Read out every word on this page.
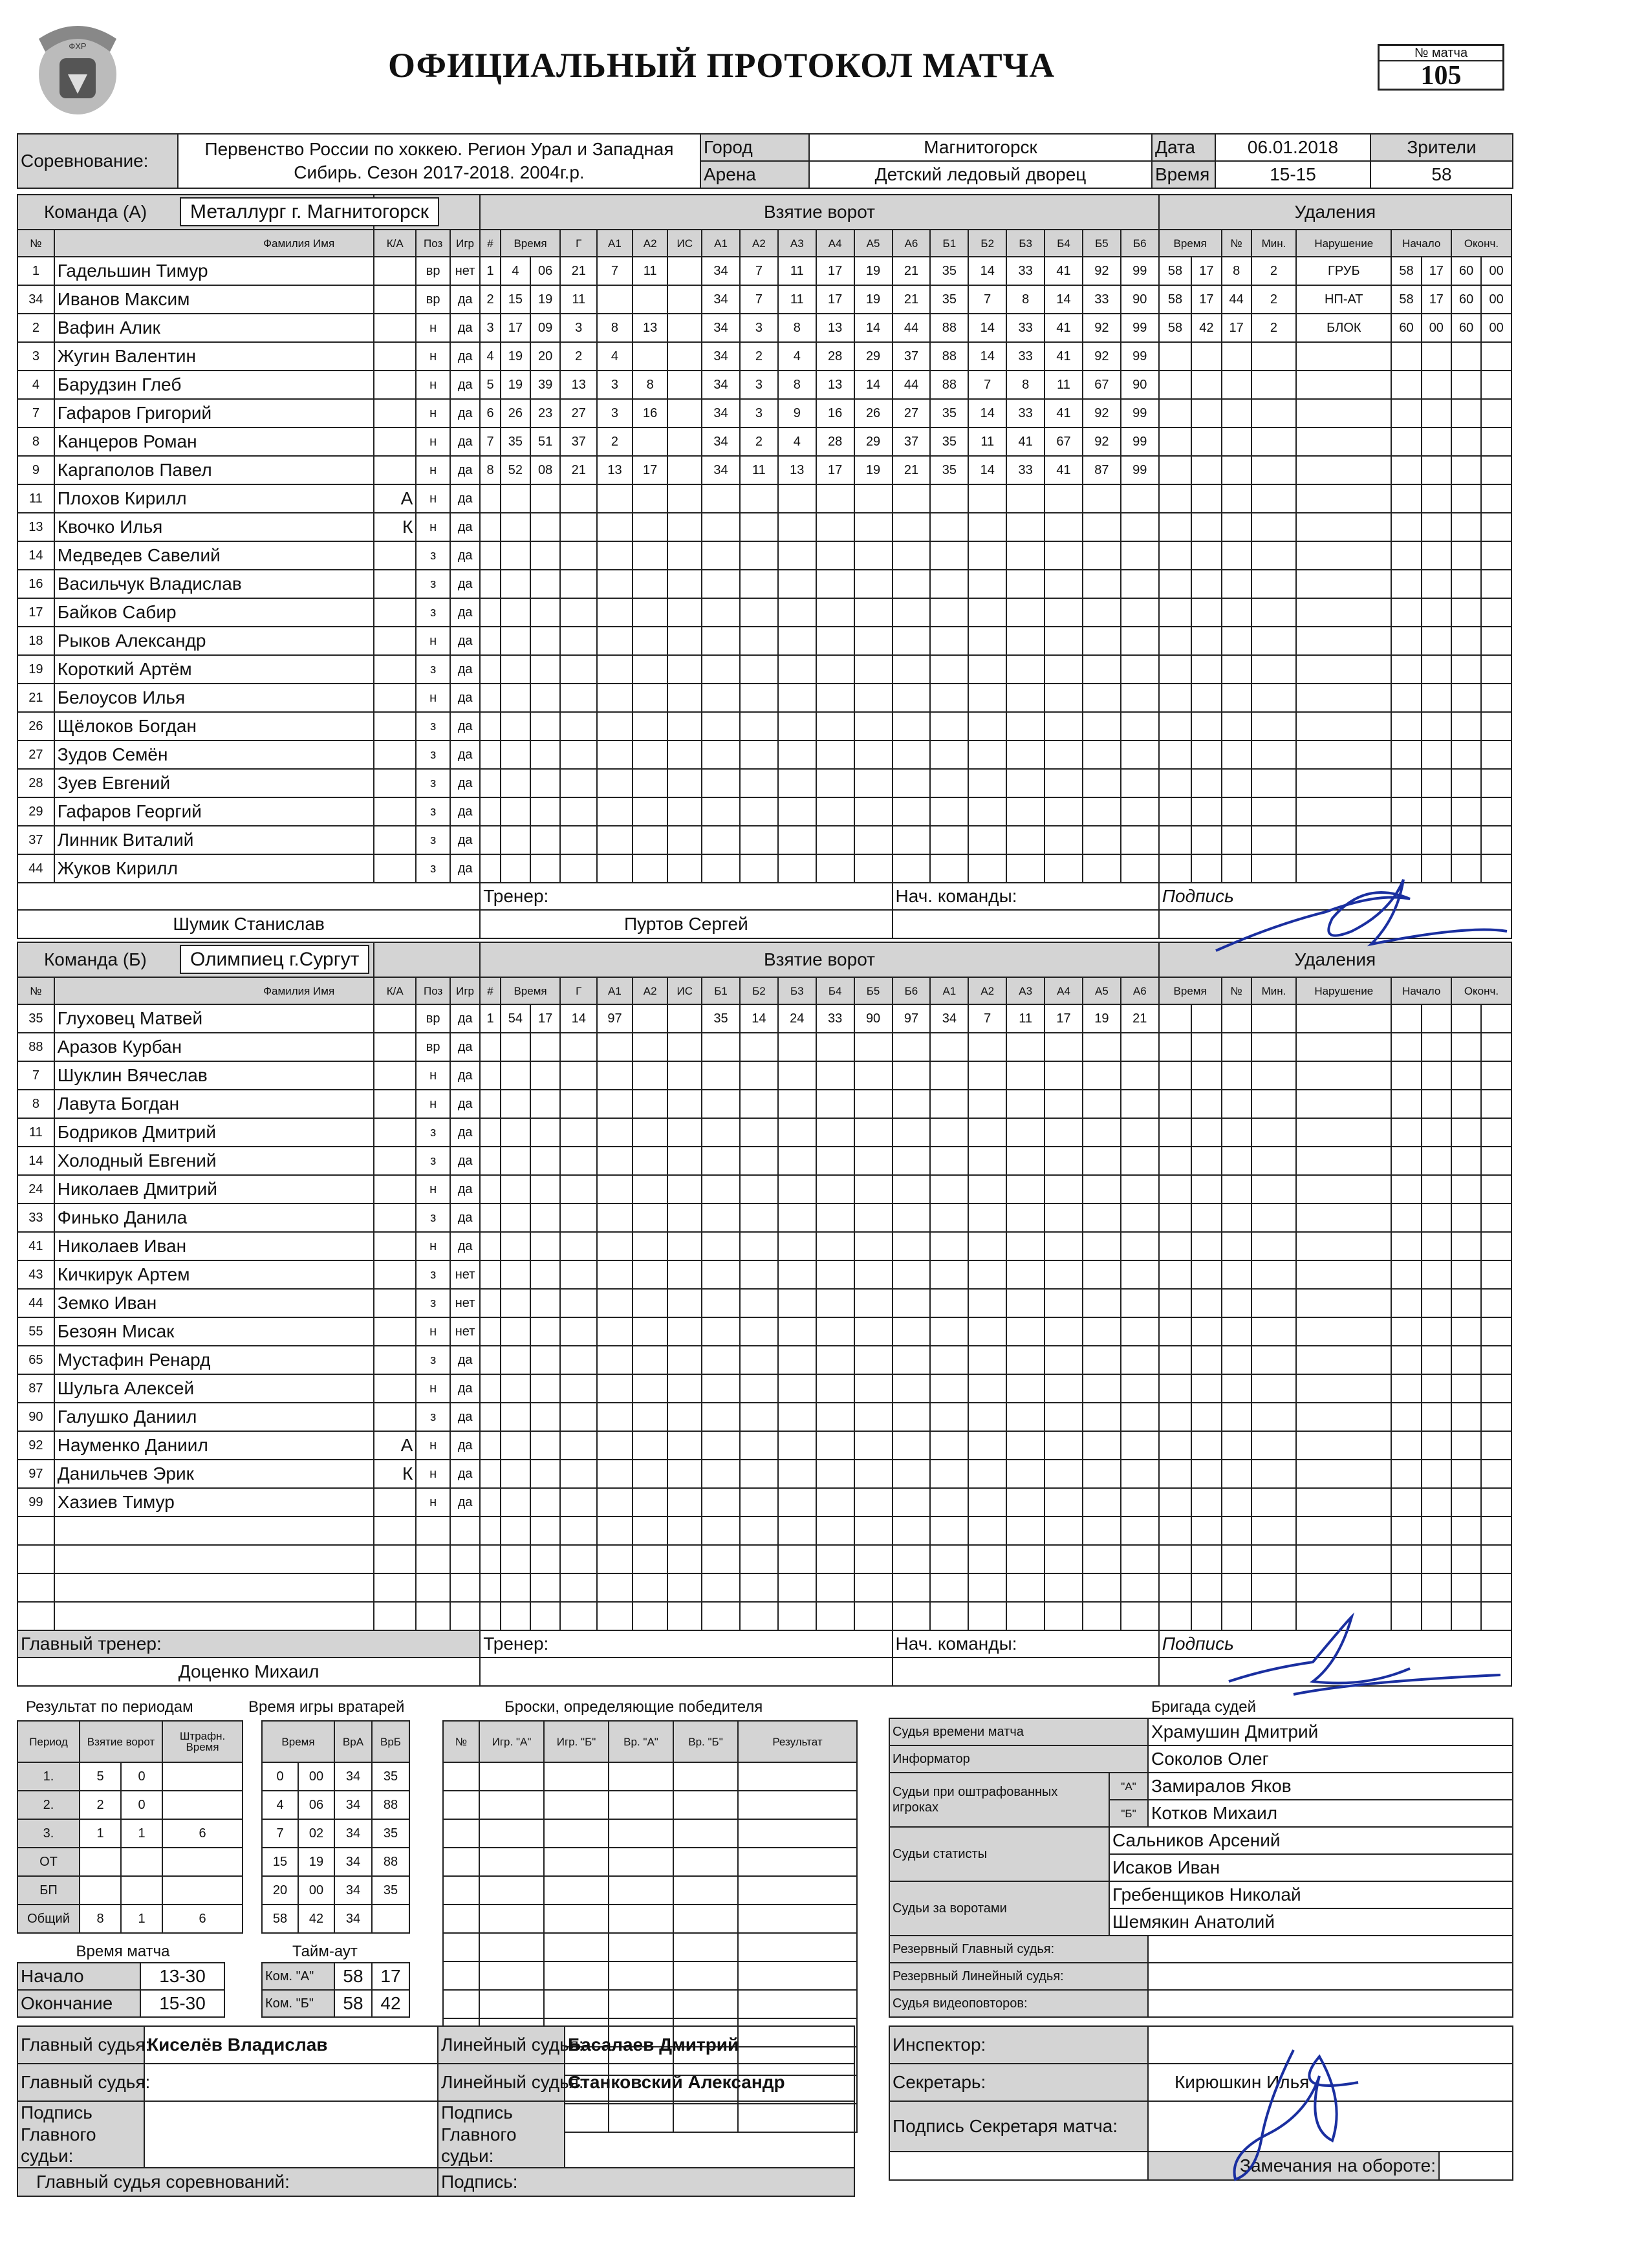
ФХР	ОФИЦИАЛЬНЫЙ ПРОТОКОЛ МАТЧА	№ матча
105
Соревнование:	Первенство России по хоккею. Регион Урал и Западная Сибирь. Сезон 2017-2018. 2004г.р.	Город	Магнитогорск	Дата	06.01.2018	Зрители
		Арена	Детский ледовый дворец	Время	15-15	58
Команда (А) Металлург г. Магнитогорск					Взятие ворот																			Удаления								
№	Фамилия Имя	К/А	Поз	Игр	#	Время		Г	А1	А2	ИС	А1	А2	А3	А4	А5	А6	Б1	Б2	Б3	Б4	Б5	Б6	Время		№	Мин.	Нарушение	Начало		Оконч.	
1	Гадельшин Тимур		вр	нет	1	4	06	21	7	11		34	7	11	17	19	21	35	14	33	41	92	99	58	17	8	2	ГРУБ	58	17	60	00
34	Иванов Максим		вр	да	2	15	19	11				34	7	11	17	19	21	35	7	8	14	33	90	58	17	44	2	НП-АТ	58	17	60	00
2	Вафин Алик		н	да	3	17	09	3	8	13		34	3	8	13	14	44	88	14	33	41	92	99	58	42	17	2	БЛОК	60	00	60	00
3	Жугин Валентин		н	да	4	19	20	2	4			34	2	4	28	29	37	88	14	33	41	92	99									
4	Барудзин Глеб		н	да	5	19	39	13	3	8		34	3	8	13	14	44	88	7	8	11	67	90									
7	Гафаров Григорий		н	да	6	26	23	27	3	16		34	3	9	16	26	27	35	14	33	41	92	99									
8	Канцеров Роман		н	да	7	35	51	37	2			34	2	4	28	29	37	35	11	41	67	92	99									
9	Каргаполов Павел		н	да	8	52	08	21	13	17		34	11	13	17	19	21	35	14	33	41	87	99									
11	Плохов Кирилл	А	н	да																												
13	Квочко Илья	К	н	да																												
14	Медведев Савелий		з	да																												
16	Васильчук Владислав		з	да																												
17	Байков Сабир		з	да																												
18	Рыков Александр		н	да																												
19	Короткий Артём		з	да																												
21	Белоусов Илья		н	да																												
26	Щёлоков Богдан		з	да																												
27	Зудов Семён		з	да																												
28	Зуев Евгений		з	да																												
29	Гафаров Георгий		з	да																												
37	Линник Виталий		з	да																												
44	Жуков Кирилл		з	да																												
					Тренер:												Нач. команды:							Подпись								
Шумик Станислав					Пуртов Сергей																											
Команда (Б) Олимпиец г.Сургут					Взятие ворот																			Удаления								
№	Фамилия Имя	К/А	Поз	Игр	#	Время		Г	А1	А2	ИС	Б1	Б2	Б3	Б4	Б5	Б6	А1	А2	А3	А4	А5	А6	Время		№	Мин.	Нарушение	Начало		Оконч.	
35	Глуховец Матвей		вр	да	1	54	17	14	97			35	14	24	33	90	97	34	7	11	17	19	21									
88	Аразов Курбан		вр	да																												
7	Шуклин Вячеслав		н	да																												
8	Лавута Богдан		н	да																												
11	Бодриков Дмитрий		з	да																												
14	Холодный Евгений		з	да																												
24	Николаев Дмитрий		н	да																												
33	Финько Данила		з	да																												
41	Николаев Иван		н	да																												
43	Кичкирук Артем		з	нет																												
44	Земко Иван		з	нет																												
55	Безоян Мисак		н	нет																												
65	Мустафин Ренард		з	да																												
87	Шульга Алексей		н	да																												
90	Галушко Даниил		з	да																												
92	Науменко Даниил	А	н	да																												
97	Данильчев Эрик	К	н	да																												
99	Хазиев Тимур		н	да																												

Главный тренер:					Тренер:												Нач. команды:							Подпись								
Доценко Михаил																																
Результат по периодам
Период	Взятие ворот		Штрафн. Время
1.	5	0	
2.	2	0	
3.	1	1	6
ОТ			
БП			
Общий	8	1	6
Время игры вратарей
Время		ВрА	ВрБ
0	00	34	35
4	06	34	88
7	02	34	35
15	19	34	88
20	00	34	35
58	42	34	
Время матча
Начало	13-30
Окончание	15-30
Тайм-аут
Ком. "А"	58	17
Ком. "Б"	58	42
Броски, определяющие победителя
№	Игр. "А"	Игр. "Б"	Вр. "А"	Вр. "Б"	Результат

Бригада судей
Судья времени матча		Храмушин Дмитрий
Информатор		Соколов Олег
Судьи при оштрафованных игроках	"А"	Замиралов Яков
	"Б"	Котков Михаил
Судьи статисты	Сальников Арсений	
	Исаков Иван	
Судьи за воротами	Гребенщиков Николай	
	Шемякин Анатолий	
Резервный Главный судья:		
Резервный Линейный судья:		
Судья видеоповторов:		
Главный судья:	Киселёв Владислав	Линейный судья:	Басалаев Дмитрий
Главный судья:		Линейный судья:	Станковский Александр
Подпись Главного судьи:		Подпись Главного судьи:	
Главный судья соревнований:		Подпись:	
Инспектор:		
Секретарь:	Кирюшкин Илья	
Подпись Секретаря матча:		
	Замечания на обороте:	
